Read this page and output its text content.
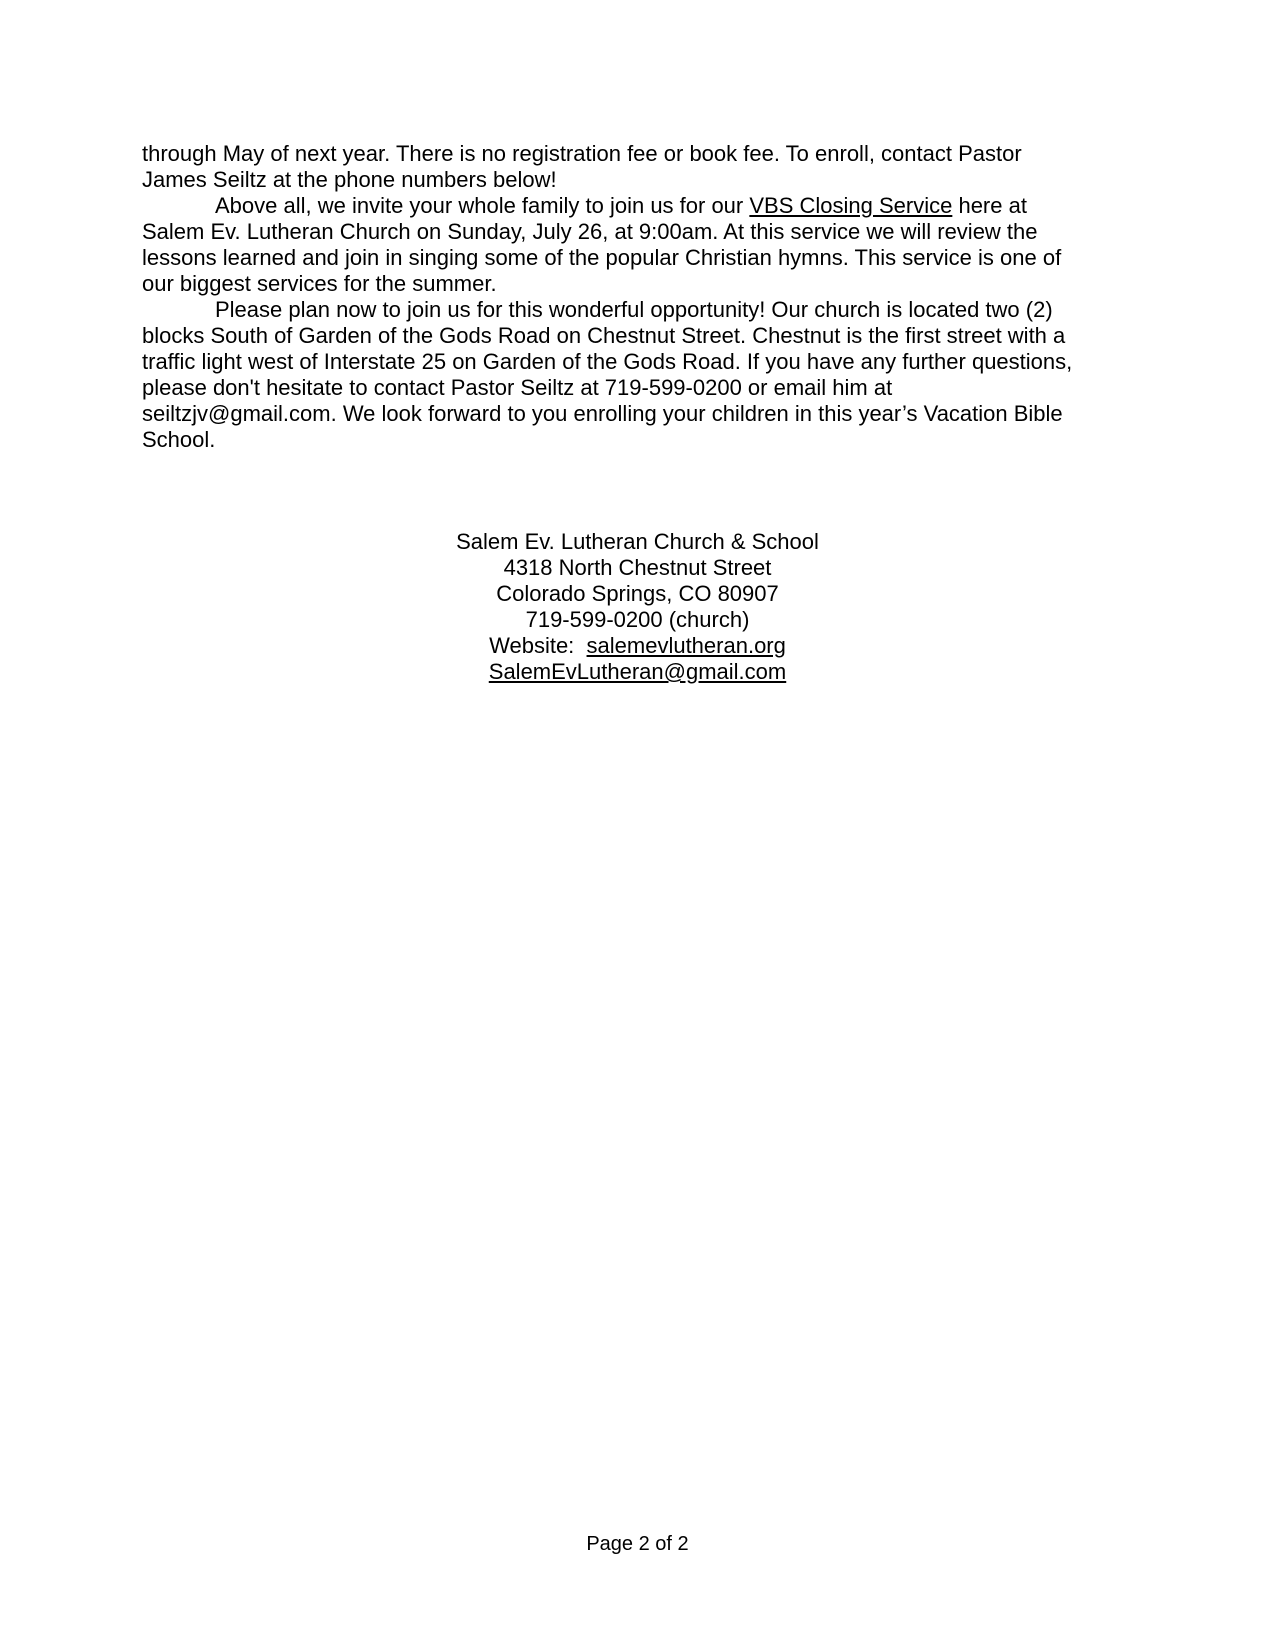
through May of next year. There is no registration fee or book fee. To enroll, contact Pastor
James Seiltz at the phone numbers below!
Above all, we invite your whole family to join us for our VBS Closing Service here at
Salem Ev. Lutheran Church on Sunday, July 26, at 9:00am. At this service we will review the
lessons learned and join in singing some of the popular Christian hymns. This service is one of
our biggest services for the summer.
Please plan now to join us for this wonderful opportunity! Our church is located two (2)
blocks South of Garden of the Gods Road on Chestnut Street. Chestnut is the first street with a
traffic light west of Interstate 25 on Garden of the Gods Road. If you have any further questions,
please don't hesitate to contact Pastor Seiltz at 719-599-0200 or email him at
seiltzjv@gmail.com. We look forward to you enrolling your children in this year’s Vacation Bible
School.
Salem Ev. Lutheran Church & School
4318 North Chestnut Street
Colorado Springs, CO 80907
719-599-0200 (church)
Website:  salemevlutheran.org
SalemEvLutheran@gmail.com
Page 2 of 2
